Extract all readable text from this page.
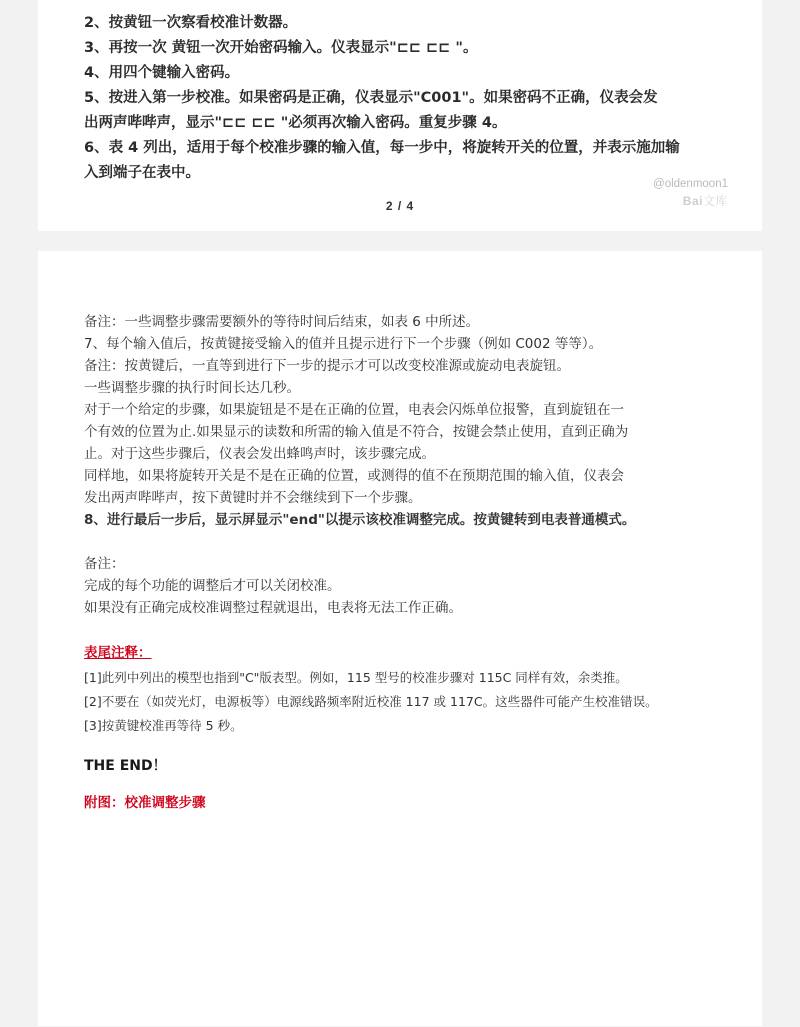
2、按黄钮一次察看校准计数器。

3、再按一次 黄钮一次开始密码输入。仪表显示"⊏⊏ ⊏⊏ "。

4、用四个键输入密码。

5、按进入第一步校准。如果密码是正确，仪表显示"C001"。如果密码不正确，仪表会发

出两声哔哔声，显示"⊏⊏ ⊏⊏ "必须再次输入密码。重复步骤 4。

6、表 4 列出，适用于每个校准步骤的输入值，每一步中，将旋转开关的位置，并表示施加输

入到端子在表中。

2 / 4
@oldenmoon1
Bai文库

备注：一些调整步骤需要额外的等待时间后结束，如表 6 中所述。

7、每个输入值后，按黄键接受输入的值并且提示进行下一个步骤（例如 C002 等等）。

备注：按黄键后，一直等到进行下一步的提示才可以改变校准源或旋动电表旋钮。

一些调整步骤的执行时间长达几秒。

对于一个给定的步骤，如果旋钮是不是在正确的位置，电表会闪烁单位报警，直到旋钮在一

个有效的位置为止.如果显示的读数和所需的输入值是不符合，按键会禁止使用，直到正确为

止。对于这些步骤后，仪表会发出蜂鸣声时，该步骤完成。

同样地，如果将旋转开关是不是在正确的位置，或测得的值不在预期范围的输入值，仪表会

发出两声哔哔声，按下黄键时并不会继续到下一个步骤。

8、进行最后一步后，显示屏显示"end"以提示该校准调整完成。按黄键转到电表普通模式。

备注：

完成的每个功能的调整后才可以关闭校准。

如果没有正确完成校准调整过程就退出，电表将无法工作正确。

表尾注释：

[1]此列中列出的模型也指到"C"版表型。例如，115 型号的校准步骤对 115C 同样有效，余类推。

[2]不要在（如荧光灯，电源板等）电源线路频率附近校准 117 或 117C。这些器件可能产生校准错误。

[3]按黄键校准再等待 5 秒。

THE END！

附图：校准调整步骤
